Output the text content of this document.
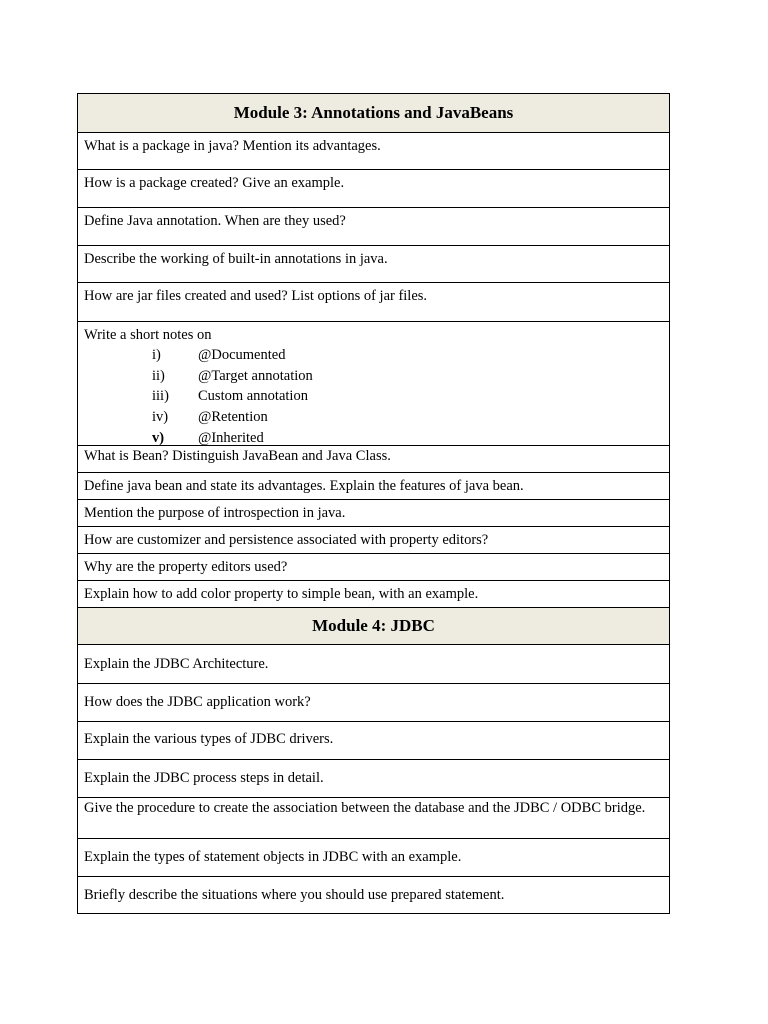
Module 3: Annotations and JavaBeans
What is a package in java? Mention its advantages.
How is a package created? Give an example.
Define Java annotation. When are they used?
Describe the working of built-in annotations in java.
How are jar files created and used? List options of jar files.
Write a short notes on
i)	@Documented
ii)	@Target annotation
iii)	Custom annotation
iv)	@Retention
v)	@Inherited
What is Bean? Distinguish JavaBean and Java Class.
Define java bean and state its advantages. Explain the features of java bean.
Mention the purpose of introspection in java.
How are customizer and persistence associated with property editors?
Why are the property editors used?
Explain how to add color property to simple bean, with an example.
Module 4: JDBC
Explain the JDBC Architecture.
How does the JDBC application work?
Explain the various types of JDBC drivers.
Explain the JDBC process steps in detail.
Give the procedure to create the association between the database and the JDBC / ODBC bridge.
Explain the types of statement objects in JDBC with an example.
Briefly describe the situations where you should use prepared statement.
